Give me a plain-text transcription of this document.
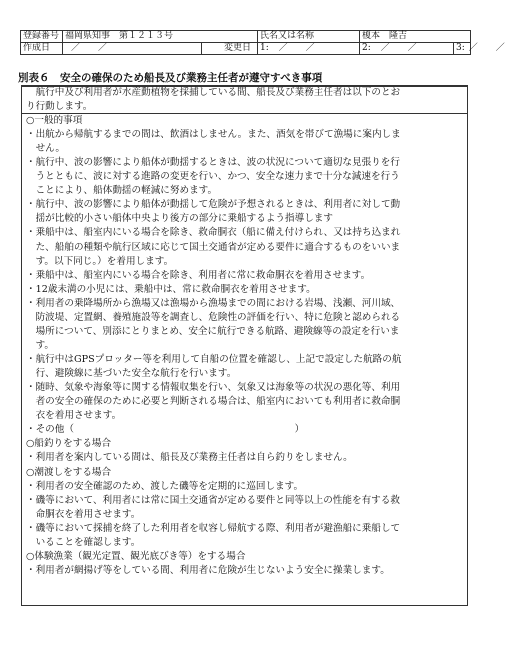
登録番号	福岡県知事　第１２１３号		氏名又は名称	榎本　隆吉	
作成日	／　　／	変更日	1: ／　　／	2: ／　　／	3: ／　　／
別表６　安全の確保のため船長及び業務主任者が遵守すべき事項
　航行中及び利用者が水産動植物を採捕している間、船長及び業務主任者は以下のとお
り行動します。
○一般的事項
・出航から帰航するまでの間は、飲酒はしません。また、酒気を帯びて漁場に案内しま
　せん。
・航行中、波の影響により船体が動揺するときは、波の状況について適切な見張りを行
　うとともに、波に対する進路の変更を行い、かつ、安全な速力まで十分な減速を行う
　ことにより、船体動揺の軽減に努めます。
・航行中、波の影響により船体が動揺して危険が予想されるときは、利用者に対して動
　揺が比較的小さい船体中央より後方の部分に乗船するよう指導します
・乗船中は、船室内にいる場合を除き、救命胴衣（船に備え付けられ、又は持ち込まれ
　た、船舶の種類や航行区域に応じて国土交通省が定める要件に適合するものをいいま
　す。以下同じ。）を着用します。
・乗船中は、船室内にいる場合を除き、利用者に常に救命胴衣を着用させます。
・12歳未満の小児には、乗船中は、常に救命胴衣を着用させます。
・利用者の乗降場所から漁場又は漁場から漁場までの間における岩場、浅瀬、河川域、
　防波堤、定置網、養殖施設等を調査し、危険性の評価を行い、特に危険と認められる
　場所について、別添にとりまとめ、安全に航行できる航路、避険線等の設定を行いま
　す。
・航行中はGPSプロッター等を利用して自船の位置を確認し、上記で設定した航路の航
　行、避険線に基づいた安全な航行を行います。
・随時、気象や海象等に関する情報収集を行い、気象又は海象等の状況の悪化等、利用
　者の安全の確保のために必要と判断される場合は、船室内においても利用者に救命胴
　衣を着用させます。
・その他（　　　　　　　　　　　　　　　　　　　　　　　）
○船釣りをする場合
・利用者を案内している間は、船長及び業務主任者は自ら釣りをしません。
○潮渡しをする場合
・利用者の安全確認のため、渡した磯等を定期的に巡回します。
・磯等において、利用者には常に国土交通省が定める要件と同等以上の性能を有する救
　命胴衣を着用させます。
・磯等において採捕を終了した利用者を収容し帰航する際、利用者が避漁船に乗船して
　いることを確認します。
○体験漁業（観光定置、観光底びき等）をする場合
・利用者が網揚げ等をしている間、利用者に危険が生じないよう安全に操業します。
